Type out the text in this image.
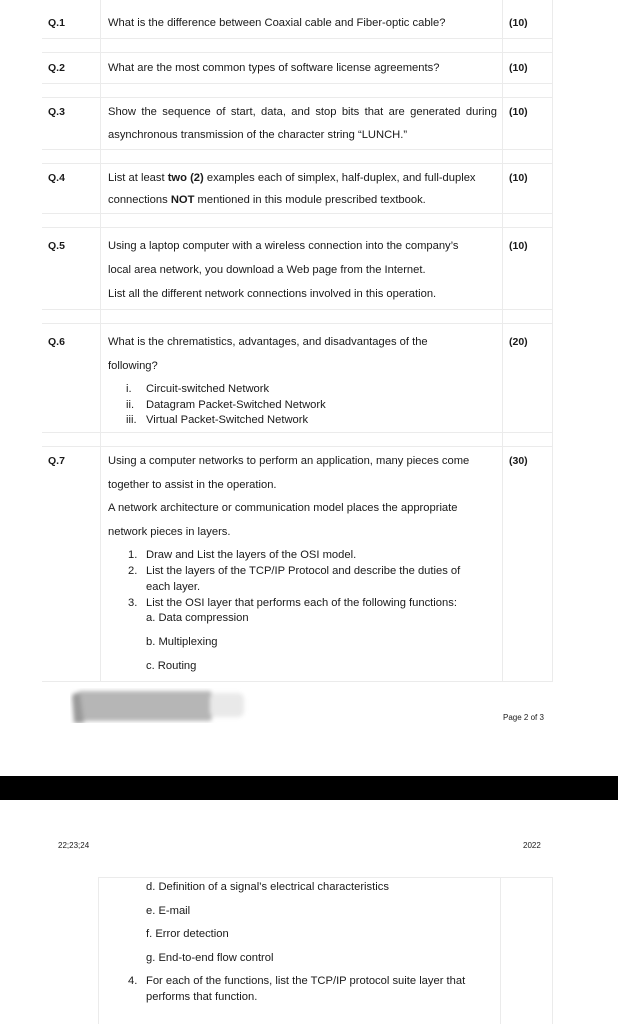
Q.1	What is the difference between Coaxial cable and Fiber-optic cable?	(10)
Q.2	What are the most common types of software license agreements?	(10)
Q.3	Show the sequence of start, data, and stop bits that are generated during
asynchronous transmission of the character string “LUNCH.”
(10)
Q.4	List at least two (2) examples each of simplex, half-duplex, and full-duplex
connections NOT mentioned in this module prescribed textbook.
(10)
Q.5	Using a laptop computer with a wireless connection into the company’s
local area network, you download a Web page from the Internet.
List all the different network connections involved in this operation.
(10)
Q.6	What is the chrematistics, advantages, and disadvantages of the
following?
i. Circuit-switched Network
ii. Datagram Packet-Switched Network
iii. Virtual Packet-Switched Network
(20)
Q.7	Using a computer networks to perform an application, many pieces come
together to assist in the operation.
A network architecture or communication model places the appropriate
network pieces in layers.
1. Draw and List the layers of the OSI model.
2. List the layers of the TCP/IP Protocol and describe the duties of
each layer.
3. List the OSI layer that performs each of the following functions:
a. Data compression
b. Multiplexing
c. Routing
(30)
Page 2 of 3
22;23;24	2022
d. Definition of a signal’s electrical characteristics
e. E-mail
f. Error detection
g. End-to-end flow control
4. For each of the functions, list the TCP/IP protocol suite layer that
performs that function.
